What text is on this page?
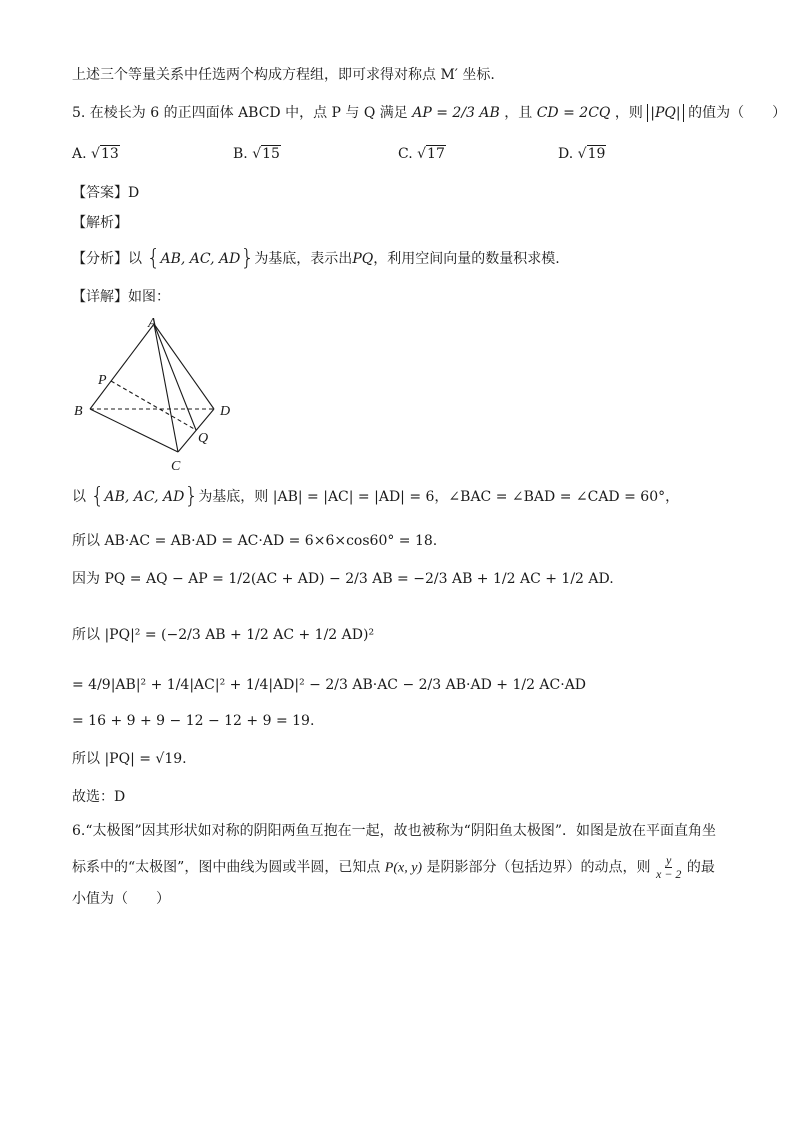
上述三个等量关系中任选两个构成方程组，即可求得对称点 M′ 坐标.
5. 在棱长为 6 的正四面体 ABCD 中，点 P 与 Q 满足 AP = 2/3 AB ，且 CD = 2CQ ，则 |PQ| 的值为（　　）
A. √ 13	B. √ 15	C. √ 17	D. √ 19
【答案】D
【解析】
【分析】以 {AB, AC, AD}为基底，表示出PQ，利用空间向量的数量积求模.
【详解】如图：
A
B
C
D
P
Q
以 {AB, AC, AD}为基底，则 |AB| = |AC| = |AD| = 6，∠BAC = ∠BAD = ∠CAD = 60°，
所以 AB·AC = AB·AD = AC·AD = 6×6×cos60° = 18.
因为 PQ = AQ − AP = 1/2(AC + AD) − 2/3 AB = −2/3 AB + 1/2 AC + 1/2 AD.
所以 |PQ|² = (−2/3 AB + 1/2 AC + 1/2 AD)²
= 4/9|AB|² + 1/4|AC|² + 1/4|AD|² − 2/3 AB·AC − 2/3 AB·AD + 1/2 AC·AD
= 16 + 9 + 9 − 12 − 12 + 9 = 19.
所以 |PQ| = √19.
故选：D
6.“太极图”因其形状如对称的阴阳两鱼互抱在一起，故也被称为“阴阳鱼太极图”．如图是放在平面直角坐
标系中的“太极图”，图中曲线为圆或半圆，已知点 P(x, y) 是阴影部分（包括边界）的动点，则 $\frac{y}{x - 2}$ 的最
小值为（　　）
